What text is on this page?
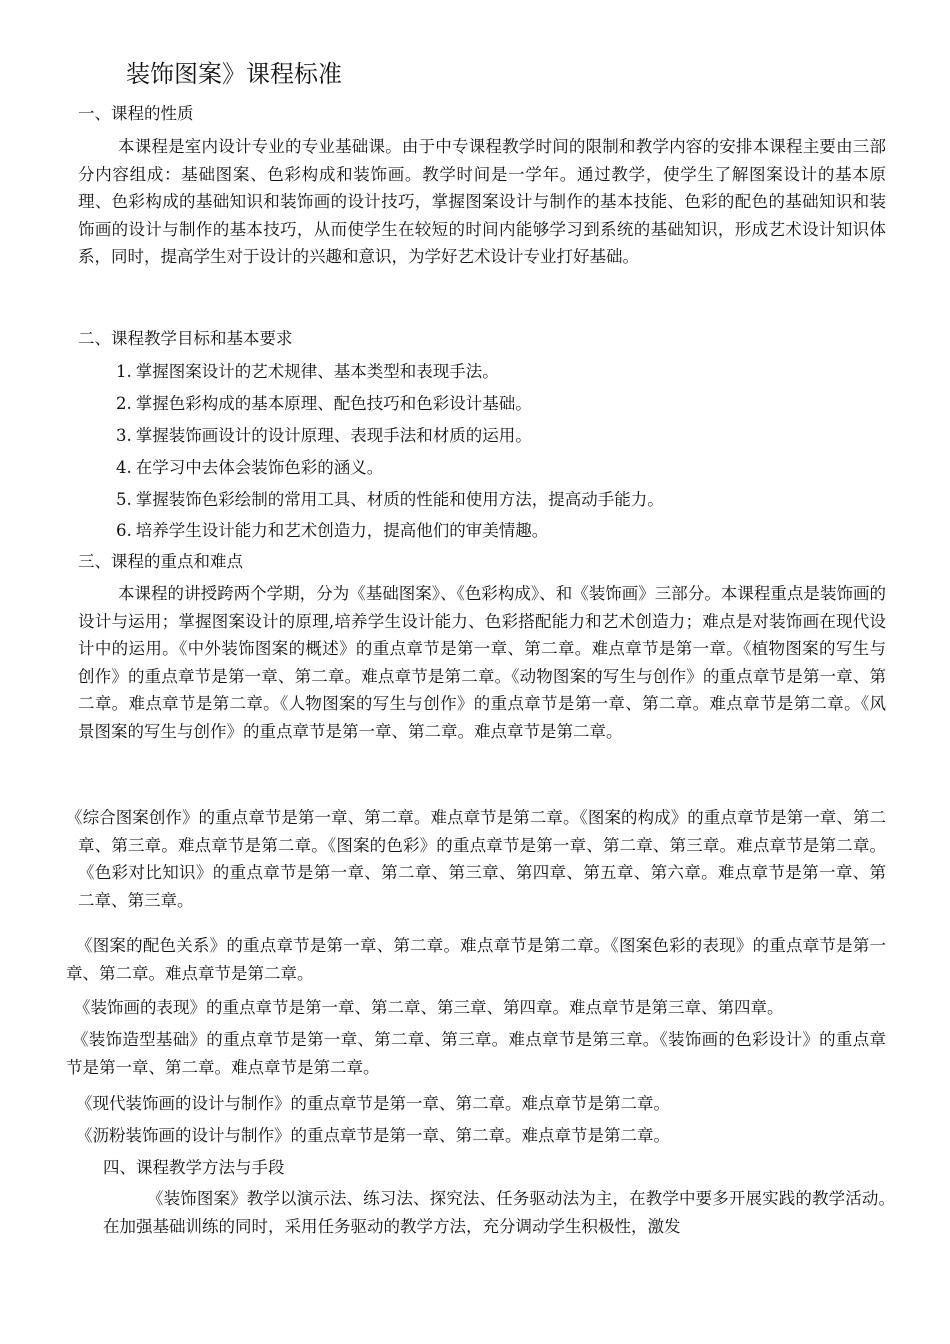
装饰图案》课程标准
一、课程的性质
本课程是室内设计专业的专业基础课。由于中专课程教学时间的限制和教学内容的安排本课程主要由三部分内容组成：基础图案、色彩构成和装饰画。教学时间是一学年。通过教学，使学生了解图案设计的基本原理、色彩构成的基础知识和装饰画的设计技巧，掌握图案设计与制作的基本技能、色彩的配色的基础知识和装饰画的设计与制作的基本技巧，从而使学生在较短的时间内能够学习到系统的基础知识，形成艺术设计知识体系，同时，提高学生对于设计的兴趣和意识，为学好艺术设计专业打好基础。
二、课程教学目标和基本要求
1. 掌握图案设计的艺术规律、基本类型和表现手法。
2. 掌握色彩构成的基本原理、配色技巧和色彩设计基础。
3. 掌握装饰画设计的设计原理、表现手法和材质的运用。
4. 在学习中去体会装饰色彩的涵义。
5. 掌握装饰色彩绘制的常用工具、材质的性能和使用方法，提高动手能力。
6. 培养学生设计能力和艺术创造力，提高他们的审美情趣。
三、课程的重点和难点
本课程的讲授跨两个学期，分为《基础图案》、《色彩构成》、和《装饰画》三部分。本课程重点是装饰画的设计与运用；掌握图案设计的原理,培养学生设计能力、色彩搭配能力和艺术创造力；难点是对装饰画在现代设计中的运用。《中外装饰图案的概述》的重点章节是第一章、第二章。难点章节是第一章。《植物图案的写生与创作》的重点章节是第一章、第二章。难点章节是第二章。《动物图案的写生与创作》的重点章节是第一章、第二章。难点章节是第二章。《人物图案的写生与创作》的重点章节是第一章、第二章。难点章节是第二章。《风景图案的写生与创作》的重点章节是第一章、第二章。难点章节是第二章。
《综合图案创作》的重点章节是第一章、第二章。难点章节是第二章。《图案的构成》的重点章节是第一章、第二章、第三章。难点章节是第二章。《图案的色彩》的重点章节是第一章、第二章、第三章。难点章节是第二章。《色彩对比知识》的重点章节是第一章、第二章、第三章、第四章、第五章、第六章。难点章节是第一章、第二章、第三章。
《图案的配色关系》的重点章节是第一章、第二章。难点章节是第二章。《图案色彩的表现》的重点章节是第一章、第二章。难点章节是第二章。
《装饰画的表现》的重点章节是第一章、第二章、第三章、第四章。难点章节是第三章、第四章。
《装饰造型基础》的重点章节是第一章、第二章、第三章。难点章节是第三章。《装饰画的色彩设计》的重点章节是第一章、第二章。难点章节是第二章。
《现代装饰画的设计与制作》的重点章节是第一章、第二章。难点章节是第二章。
《沥粉装饰画的设计与制作》的重点章节是第一章、第二章。难点章节是第二章。
四、课程教学方法与手段
《装饰图案》教学以演示法、练习法、探究法、任务驱动法为主，在教学中要多开展实践的教学活动。在加强基础训练的同时，采用任务驱动的教学方法，充分调动学生积极性，激发
